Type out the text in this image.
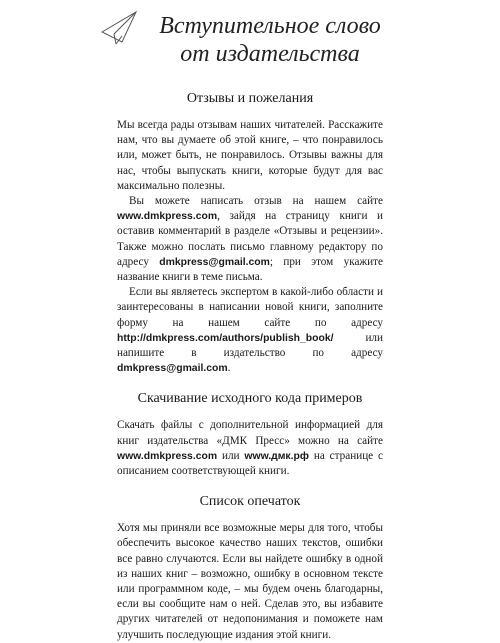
Вступительное слово
от издательства
Отзывы и пожелания

Мы всегда рады отзывам наших читателей. Расскажите нам, что вы думаете об этой книге, – что понравилось или, может быть, не понравилось. Отзывы важны для нас, чтобы выпускать книги, которые будут для вас максимально полезны.

Вы можете написать отзыв на нашем сайте www.dmkpress.com, зайдя на страницу книги и оставив комментарий в разделе «Отзывы и рецензии». Также можно послать письмо главному редактору по адресу dmkpress@gmail.com; при этом укажите название книги в теме письма.

Если вы являетесь экспертом в какой-либо области и заинтересованы в написании новой книги, заполните форму на нашем сайте по адресу http://dmkpress.com/authors/publish_book/ или напишите в издательство по адресу dmkpress@gmail.com.

Скачивание исходного кода примеров

Скачать файлы с дополнительной информацией для книг издательства «ДМК Пресс» можно на сайте www.dmkpress.com или www.дмк.рф на странице с описанием соответствующей книги.

Список опечаток

Хотя мы приняли все возможные меры для того, чтобы обеспечить высокое качество наших текстов, ошибки все равно случаются. Если вы найдете ошибку в одной из наших книг – возможно, ошибку в основном тексте или программном коде, – мы будем очень благодарны, если вы сообщите нам о ней. Сделав это, вы избавите других читателей от недопонимания и поможете нам улучшить последующие издания этой книги.
